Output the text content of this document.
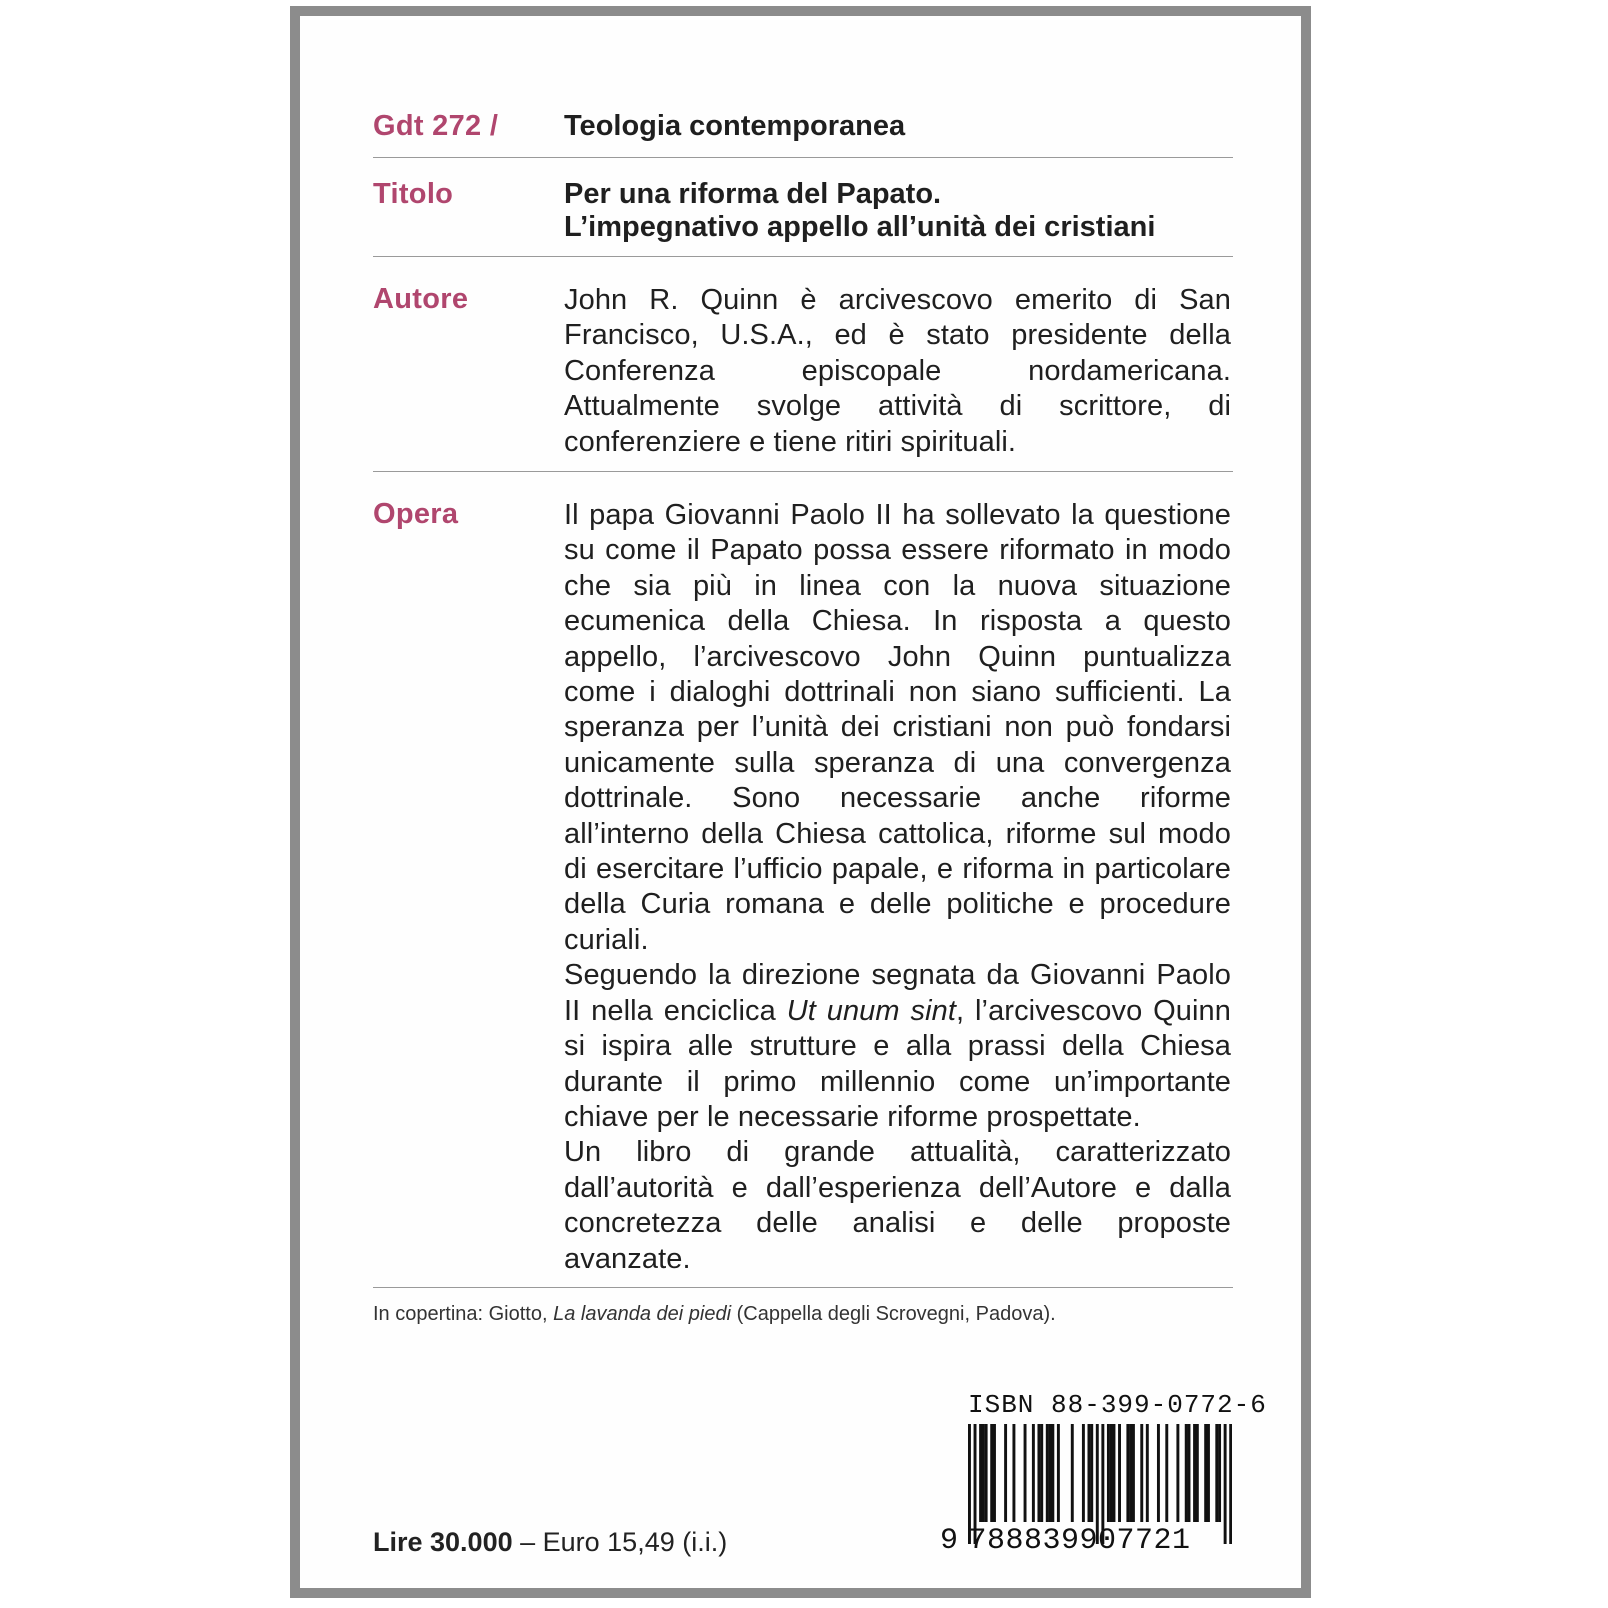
Gdt 272 / Teologia contemporanea
Titolo	Per una riforma del Papato.
L’impegnativo appello all’unità dei cristiani
Autore	John R. Quinn è arcivescovo emerito di San Francisco, U.S.A., ed è stato presidente della Conferenza episcopale nordamericana. Attualmente svolge attività di scrittore, di conferenziere e tiene ritiri spirituali.
Opera	Il papa Giovanni Paolo II ha sollevato la questione su come il Papato possa essere riformato in modo che sia più in linea con la nuova situazione ecumenica della Chiesa. In risposta a questo appello, l’arcivescovo John Quinn puntualizza come i dialoghi dottrinali non siano sufficienti. La speranza per l’unità dei cristiani non può fondarsi unicamente sulla speranza di una convergenza dottrinale. Sono necessarie anche riforme all’interno della Chiesa cattolica, riforme sul modo di esercitare l’ufficio papale, e riforma in particolare della Curia romana e delle politiche e procedure curiali.

Seguendo la direzione segnata da Giovanni Paolo II nella enciclica Ut unum sint, l’arcivescovo Quinn si ispira alle strutture e alla prassi della Chiesa durante il primo millennio come un’importante chiave per le necessarie riforme prospettate.

Un libro di grande attualità, caratterizzato dall’autorità e dall’esperienza dell’Autore e dalla concretezza delle analisi e delle proposte avanzate.

In copertina: Giotto, La lavanda dei piedi (Cappella degli Scrovegni, Padova).
ISBN 88-399-0772-6
9 788839907721
Lire 30.000 – Euro 15,49 (i.i.)
